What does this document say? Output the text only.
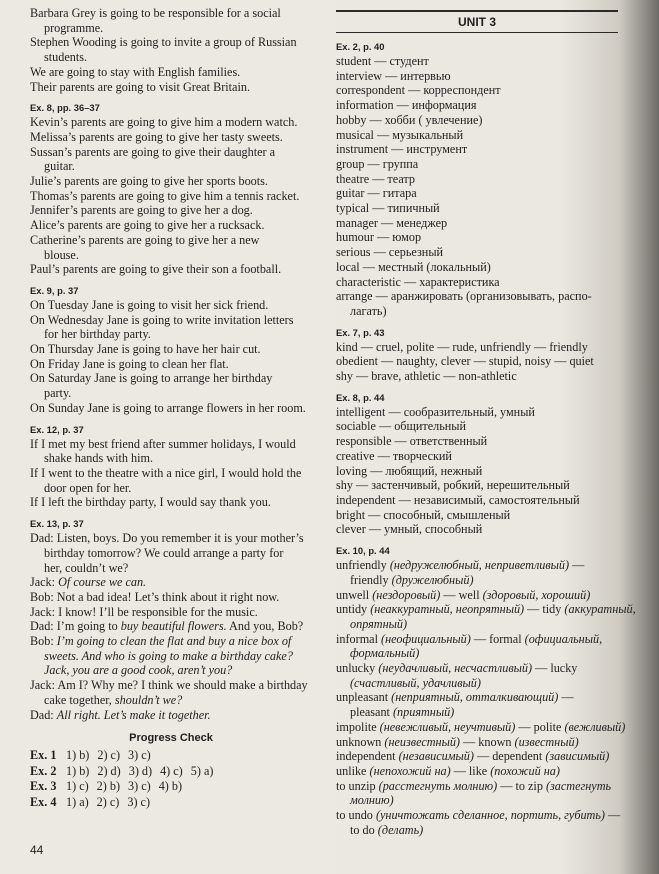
Barbara Grey is going to be responsible for a social
programme.
Stephen Wooding is going to invite a group of Russian
students.
We are going to stay with English families.
Their parents are going to visit Great Britain.
Ex. 8, pp. 36–37
Kevin’s parents are going to give him a modern watch.
Melissa’s parents are going to give her tasty sweets.
Sussan’s parents are going to give their daughter a
guitar.
Julie’s parents are going to give her sports boots.
Thomas’s parents are going to give him a tennis racket.
Jennifer’s parents are going to give her a dog.
Alice’s parents are going to give her a rucksack.
Catherine’s parents are going to give her a new
blouse.
Paul’s parents are going to give their son a football.
Ex. 9, p. 37
On Tuesday Jane is going to visit her sick friend.
On Wednesday Jane is going to write invitation letters
for her birthday party.
On Thursday Jane is going to have her hair cut.
On Friday Jane is going to clean her flat.
On Saturday Jane is going to arrange her birthday
party.
On Sunday Jane is going to arrange flowers in her room.
Ex. 12, p. 37
If I met my best friend after summer holidays, I would
shake hands with him.
If I went to the theatre with a nice girl, I would hold the
door open for her.
If I left the birthday party, I would say thank you.
Ex. 13, p. 37
Dad: Listen, boys. Do you remember it is your mother’s
birthday tomorrow? We could arrange a party for
her, couldn’t we?
Jack: Of course we can.
Bob: Not a bad idea! Let’s think about it right now.
Jack: I know! I’ll be responsible for the music.
Dad: I’m going to buy beautiful flowers. And you, Bob?
Bob: I’m going to clean the flat and buy a nice box of
sweets. And who is going to make a birthday cake?
Jack, you are a good cook, aren’t you?
Jack: Am I? Why me? I think we should make a birthday
cake together, shouldn’t we?
Dad: All right. Let’s make it together.
Progress Check
Ex. 1 1) b) 2) c) 3) c)
Ex. 2 1) b) 2) d) 3) d) 4) c) 5) a)
Ex. 3 1) c) 2) b) 3) c) 4) b)
Ex. 4 1) a) 2) c) 3) c)
UNIT 3
Ex. 2, p. 40
student — студент
interview — интервью
correspondent — корреспондент
information — информация
hobby — хобби ( увлечение)
musical — музыкальный
instrument — инструмент
group — группа
theatre — театр
guitar — гитара
typical — типичный
manager — менеджер
humour — юмор
serious — серьезный
local — местный (локальный)
characteristic — характеристика
arrange — аранжировать (организовывать, распо-
лагать)
Ex. 7, p. 43
kind — cruel, polite — rude, unfriendly — friendly
obedient — naughty, clever — stupid, noisy — quiet
shy — brave, athletic — non-athletic
Ex. 8, p. 44
intelligent — сообразительный, умный
sociable — общительный
responsible — ответственный
creative — творческий
loving — любящий, нежный
shy — застенчивый, робкий, нерешительный
independent — независимый, самостоятельный
bright — способный, смышленый
clever — умный, способный
Ex. 10, p. 44
unfriendly (недружелюбный, неприветливый) —
friendly (дружелюбный)
unwell (нездоровый) — well (здоровый, хороший)
untidy (неаккуратный, неопрятный) — tidy (аккуратный,
опрятный)
informal (неофициальный) — formal (официальный,
формальный)
unlucky (неудачливый, несчастливый) — lucky
(счастливый, удачливый)
unpleasant (неприятный, отталкивающий) —
pleasant (приятный)
impolite (невежливый, неучтивый) — polite (вежливый)
unknown (неизвестный) — known (известный)
independent (независимый) — dependent (зависимый)
unlike (непохожий на) — like (похожий на)
to unzip (расстегнуть молнию) — to zip (застегнуть
молнию)
to undo (уничтожать сделанное, портить, губить) —
to do (делать)
44
